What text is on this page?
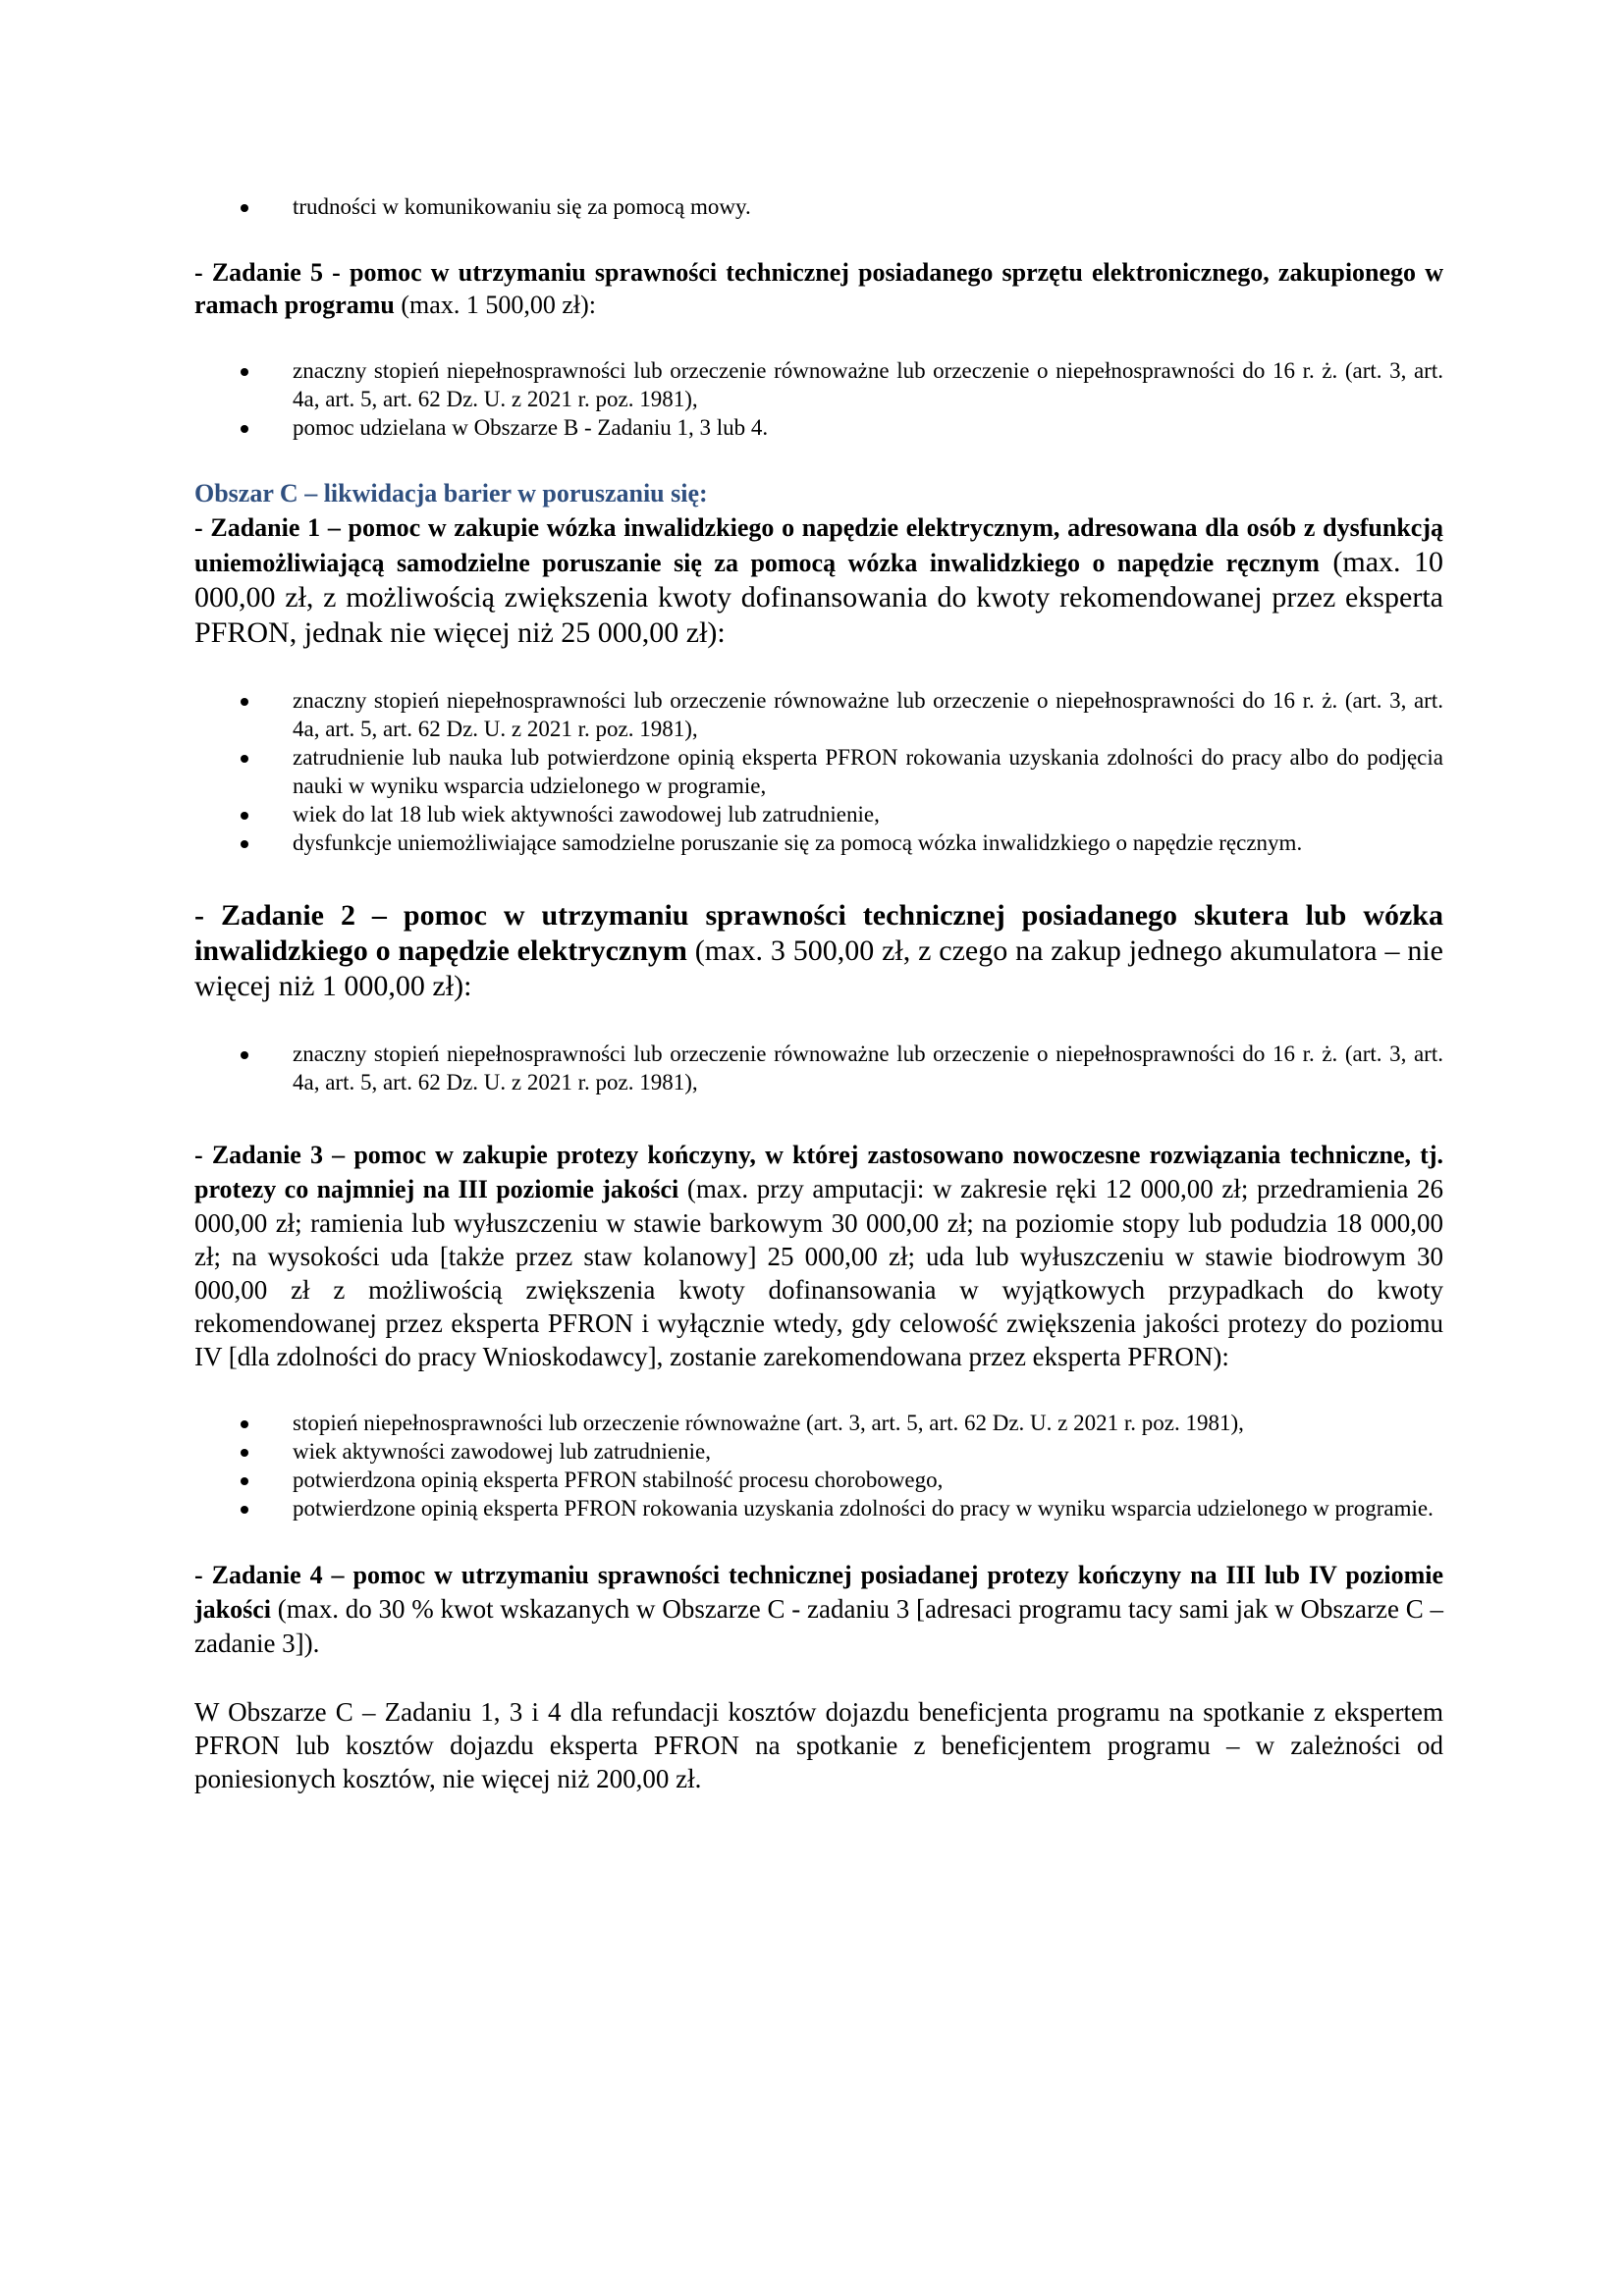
trudności w komunikowaniu się za pomocą mowy.

- Zadanie 5 - pomoc w utrzymaniu sprawności technicznej posiadanego sprzętu elektronicznego, zakupionego w ramach programu (max. 1 500,00 zł):

znaczny stopień niepełnosprawności lub orzeczenie równoważne lub orzeczenie o niepełnosprawności do 16 r. ż. (art. 3, art. 4a, art. 5, art. 62 Dz. U. z 2021 r. poz. 1981),
pomoc udzielana w Obszarze B - Zadaniu 1, 3 lub 4.

Obszar C – likwidacja barier w poruszaniu się:

- Zadanie 1 – pomoc w zakupie wózka inwalidzkiego o napędzie elektrycznym, adresowana dla osób z dysfunkcją uniemożliwiającą samodzielne poruszanie się za pomocą wózka inwalidzkiego o napędzie ręcznym (max. 10 000,00 zł, z możliwością zwiększenia kwoty dofinansowania do kwoty rekomendowanej przez eksperta PFRON, jednak nie więcej niż 25 000,00 zł):

znaczny stopień niepełnosprawności lub orzeczenie równoważne lub orzeczenie o niepełnosprawności do 16 r. ż. (art. 3, art. 4a, art. 5, art. 62 Dz. U. z 2021 r. poz. 1981),
zatrudnienie lub nauka lub potwierdzone opinią eksperta PFRON rokowania uzyskania zdolności do pracy albo do podjęcia nauki w wyniku wsparcia udzielonego w programie,
wiek do lat 18 lub wiek aktywności zawodowej lub zatrudnienie,
dysfunkcje uniemożliwiające samodzielne poruszanie się za pomocą wózka inwalidzkiego o napędzie ręcznym.

- Zadanie 2 – pomoc w utrzymaniu sprawności technicznej posiadanego skutera lub wózka inwalidzkiego o napędzie elektrycznym (max. 3 500,00 zł, z czego na zakup jednego akumulatora – nie więcej niż 1 000,00 zł):

znaczny stopień niepełnosprawności lub orzeczenie równoważne lub orzeczenie o niepełnosprawności do 16 r. ż. (art. 3, art. 4a, art. 5, art. 62 Dz. U. z 2021 r. poz. 1981),

- Zadanie 3 – pomoc w zakupie protezy kończyny, w której zastosowano nowoczesne rozwiązania techniczne, tj. protezy co najmniej na III poziomie jakości (max. przy amputacji: w zakresie ręki 12 000,00 zł; przedramienia 26 000,00 zł; ramienia lub wyłuszczeniu w stawie barkowym 30 000,00 zł; na poziomie stopy lub podudzia 18 000,00 zł; na wysokości uda [także przez staw kolanowy] 25 000,00 zł; uda lub wyłuszczeniu w stawie biodrowym 30 000,00 zł z możliwością zwiększenia kwoty dofinansowania w wyjątkowych przypadkach do kwoty rekomendowanej przez eksperta PFRON i wyłącznie wtedy, gdy celowość zwiększenia jakości protezy do poziomu IV [dla zdolności do pracy Wnioskodawcy], zostanie zarekomendowana przez eksperta PFRON):

stopień niepełnosprawności lub orzeczenie równoważne (art. 3, art. 5, art. 62 Dz. U. z 2021 r. poz. 1981),
wiek aktywności zawodowej lub zatrudnienie,
potwierdzona opinią eksperta PFRON stabilność procesu chorobowego,
potwierdzone opinią eksperta PFRON rokowania uzyskania zdolności do pracy w wyniku wsparcia udzielonego w programie.

- Zadanie 4 – pomoc w utrzymaniu sprawności technicznej posiadanej protezy kończyny na III lub IV poziomie jakości (max. do 30 % kwot wskazanych w Obszarze C - zadaniu 3 [adresaci programu tacy sami jak w Obszarze C – zadanie 3]).

W Obszarze C – Zadaniu 1, 3 i 4 dla refundacji kosztów dojazdu beneficjenta programu na spotkanie z ekspertem PFRON lub kosztów dojazdu eksperta PFRON na spotkanie z beneficjentem programu – w zależności od poniesionych kosztów, nie więcej niż 200,00 zł.
